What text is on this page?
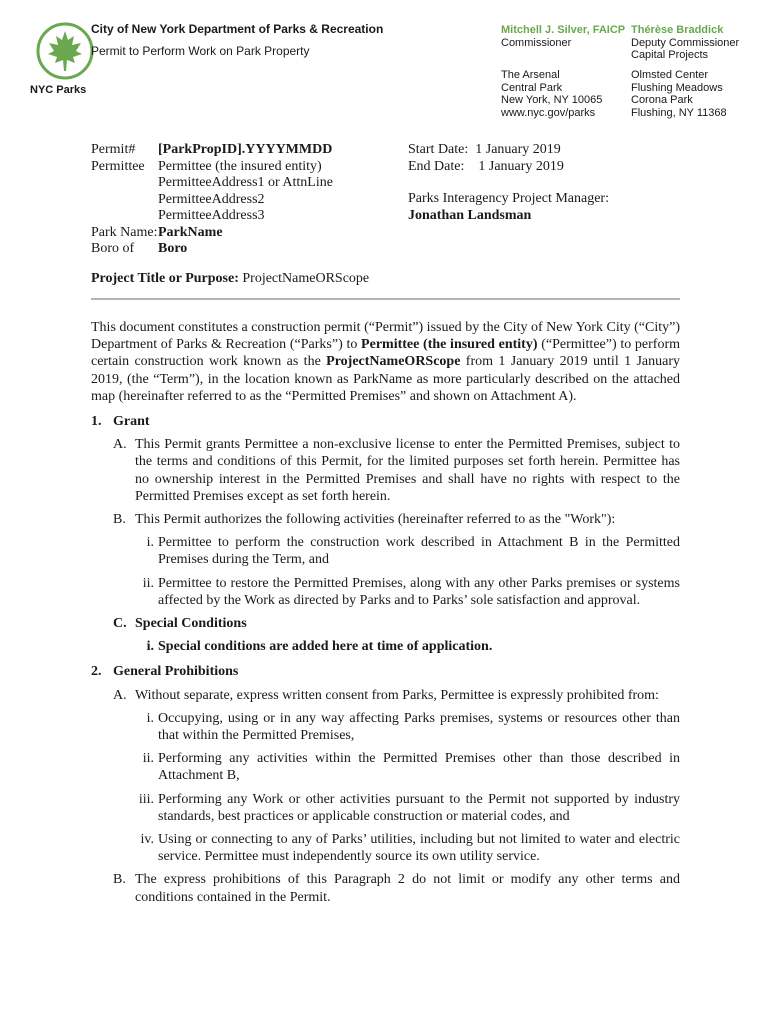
NYC Parks
City of New York Department of Parks & Recreation
Permit to Perform Work on Park Property
Mitchell J. Silver, FAICP
Commissioner
The Arsenal
Central Park
New York, NY 10065
www.nyc.gov/parks
Thérèse Braddick
Deputy Commissioner
Capital Projects
Olmsted Center
Flushing Meadows
Corona Park
Flushing, NY 11368
Permit#
Permittee
Park Name:
Boro of
[ParkPropID].YYYYMMDD
Permittee (the insured entity)
PermitteeAddress1 or AttnLine
PermitteeAddress2
PermitteeAddress3
ParkName
Boro
Start Date: 1 January 2019
End Date: 1 January 2019
Parks Interagency Project Manager:
Jonathan Landsman
Project Title or Purpose: ProjectNameORScope

This document constitutes a construction permit (“Permit”) issued by the City of New York City (“City”) Department of Parks & Recreation (“Parks”) to Permittee (the insured entity) (“Permittee”) to perform certain construction work known as the ProjectNameORScope from 1 January 2019 until 1 January 2019, (the “Term”), in the location known as ParkName as more particularly described on the attached map (hereinafter referred to as the “Permitted Premises” and shown on Attachment A).

1. Grant
A. This Permit grants Permittee a non-exclusive license to enter the Permitted Premises, subject to the terms and conditions of this Permit, for the limited purposes set forth herein. Permittee has no ownership interest in the Permitted Premises and shall have no rights with respect to the Permitted Premises except as set forth herein.
B. This Permit authorizes the following activities (hereinafter referred to as the "Work"):
i. Permittee to perform the construction work described in Attachment B in the Permitted Premises during the Term, and
ii. Permittee to restore the Permitted Premises, along with any other Parks premises or systems affected by the Work as directed by Parks and to Parks’ sole satisfaction and approval.
C. Special Conditions
i. Special conditions are added here at time of application.
2. General Prohibitions
A. Without separate, express written consent from Parks, Permittee is expressly prohibited from:
i. Occupying, using or in any way affecting Parks premises, systems or resources other than that within the Permitted Premises,
ii. Performing any activities within the Permitted Premises other than those described in Attachment B,
iii. Performing any Work or other activities pursuant to the Permit not supported by industry standards, best practices or applicable construction or material codes, and
iv. Using or connecting to any of Parks’ utilities, including but not limited to water and electric service. Permittee must independently source its own utility service.
B. The express prohibitions of this Paragraph 2 do not limit or modify any other terms and conditions contained in the Permit.
